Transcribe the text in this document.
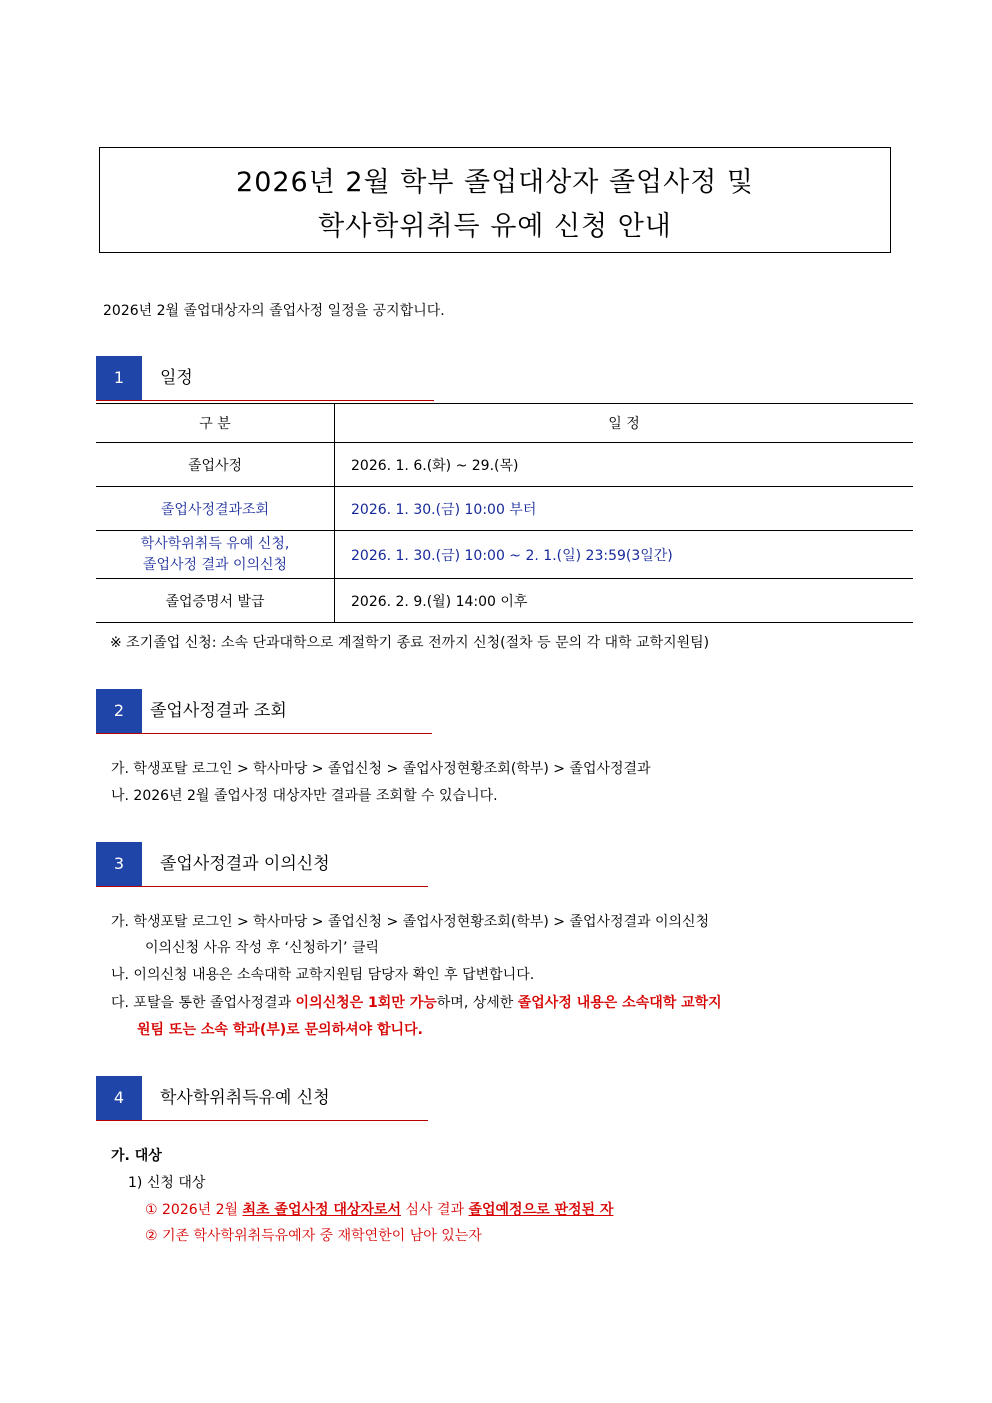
2026년 2월 학부 졸업대상자 졸업사정 및
학사학위취득 유예 신청 안내
2026년 2월 졸업대상자의 졸업사정 일정을 공지합니다.
1	일정
구 분	일 정
졸업사정	2026. 1. 6.(화) ~ 29.(목)
졸업사정결과조회	2026. 1. 30.(금) 10:00 부터

학사학위취득 유예 신청,
졸업사정 결과 이의신청	2026. 1. 30.(금) 10:00 ~ 2. 1.(일) 23:59(3일간)
졸업증명서 발급	2026. 2. 9.(월) 14:00 이후
※ 조기졸업 신청: 소속 단과대학으로 계절학기 종료 전까지 신청(절차 등 문의 각 대학 교학지원팀)
2	졸업사정결과 조회
가. 학생포탈 로그인 > 학사마당 > 졸업신청 > 졸업사정현황조회(학부) > 졸업사정결과
나. 2026년 2월 졸업사정 대상자만 결과를 조회할 수 있습니다.
3	졸업사정결과 이의신청
가. 학생포탈 로그인 > 학사마당 > 졸업신청 > 졸업사정현황조회(학부) > 졸업사정결과 이의신청
이의신청 사유 작성 후 ‘신청하기’ 클릭
나. 이의신청 내용은 소속대학 교학지원팀 담당자 확인 후 답변합니다.
다. 포탈을 통한 졸업사정결과 이의신청은 1회만 가능하며, 상세한 졸업사정 내용은 소속대학 교학지
원팀 또는 소속 학과(부)로 문의하셔야 합니다.
4	학사학위취득유예 신청
가. 대상
1) 신청 대상
① 2026년 2월 최초 졸업사정 대상자로서 심사 결과 졸업예정으로 판정된 자
② 기존 학사학위취득유예자 중 재학연한이 남아 있는자
